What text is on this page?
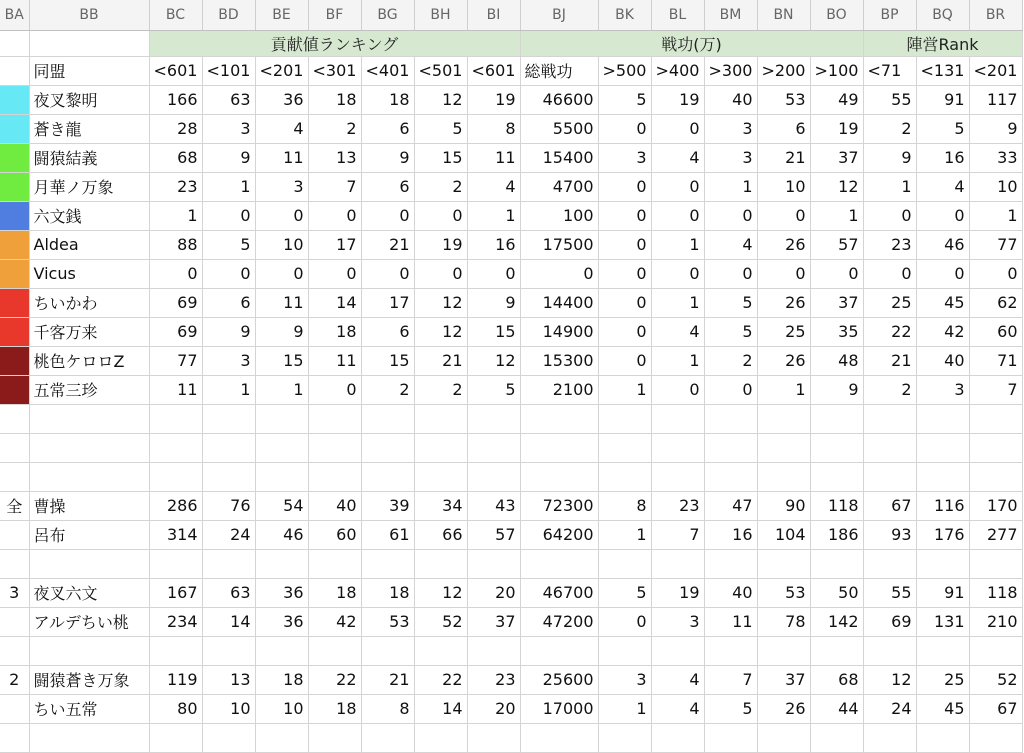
BA	BB	BC	BD	BE	BF	BG	BH	BI	BJ	BK	BL	BM	BN	BO	BP	BQ	BR
		貢献値ランキング							戦功(万)						陣営Rank		
	同盟	<601	<101	<201	<301	<401	<501	<601	総戦功	>500	>400	>300	>200	>100	<71	<131	<201
	夜叉黎明	166	63	36	18	18	12	19	46600	5	19	40	53	49	55	91	117
	蒼き龍	28	3	4	2	6	5	8	5500	0	0	3	6	19	2	5	9
	闘猿結義	68	9	11	13	9	15	11	15400	3	4	3	21	37	9	16	33
	月華ノ万象	23	1	3	7	6	2	4	4700	0	0	1	10	12	1	4	10
	六文銭	1	0	0	0	0	0	1	100	0	0	0	0	1	0	0	1
	Aldea	88	5	10	17	21	19	16	17500	0	1	4	26	57	23	46	77
	Vicus	0	0	0	0	0	0	0	0	0	0	0	0	0	0	0	0
	ちいかわ	69	6	11	14	17	12	9	14400	0	1	5	26	37	25	45	62
	千客万来	69	9	9	18	6	12	15	14900	0	4	5	25	35	22	42	60
	桃色ケロロZ	77	3	15	11	15	21	12	15300	0	1	2	26	48	21	40	71
	五常三珍	11	1	1	0	2	2	5	2100	1	0	0	1	9	2	3	7

全	曹操	286	76	54	40	39	34	43	72300	8	23	47	90	118	67	116	170
	呂布	314	24	46	60	61	66	57	64200	1	7	16	104	186	93	176	277

3	夜叉六文	167	63	36	18	18	12	20	46700	5	19	40	53	50	55	91	118
	アルデちい桃	234	14	36	42	53	52	37	47200	0	3	11	78	142	69	131	210

2	闘猿蒼き万象	119	13	18	22	21	22	23	25600	3	4	7	37	68	12	25	52
	ちい五常	80	10	10	18	8	14	20	17000	1	4	5	26	44	24	45	67
